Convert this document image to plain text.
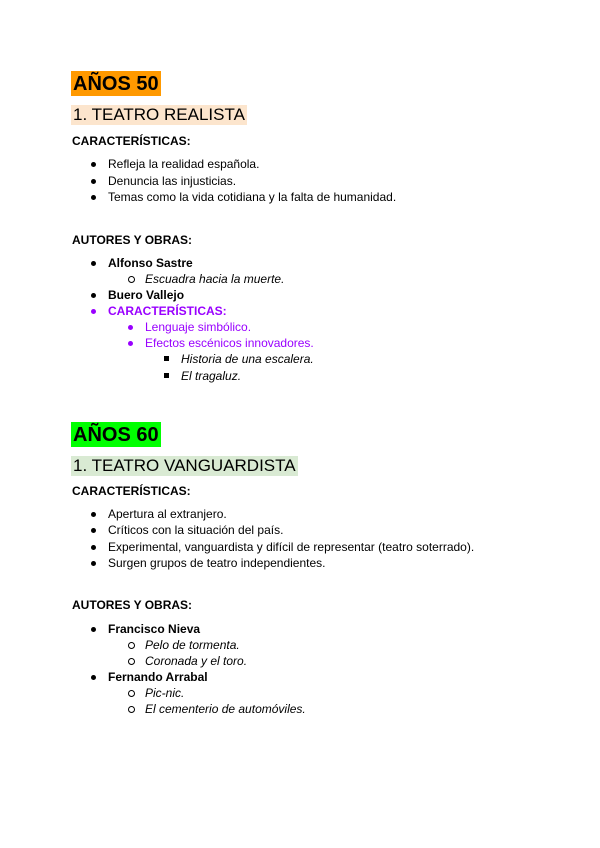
AÑOS 50
1. TEATRO REALISTA
CARACTERÍSTICAS:
Refleja la realidad española.
Denuncia las injusticias.
Temas como la vida cotidiana y la falta de humanidad.
AUTORES Y OBRAS:
Alfonso Sastre
Escuadra hacia la muerte.
Buero Vallejo
CARACTERÍSTICAS:
Lenguaje simbólico.
Efectos escénicos innovadores.
Historia de una escalera.
El tragaluz.
AÑOS 60
1. TEATRO VANGUARDISTA
CARACTERÍSTICAS:
Apertura al extranjero.
Críticos con la situación del país.
Experimental, vanguardista y difícil de representar (teatro soterrado).
Surgen grupos de teatro independientes.
AUTORES Y OBRAS:
Francisco Nieva
Pelo de tormenta.
Coronada y el toro.
Fernando Arrabal
Pic-nic.
El cementerio de automóviles.
